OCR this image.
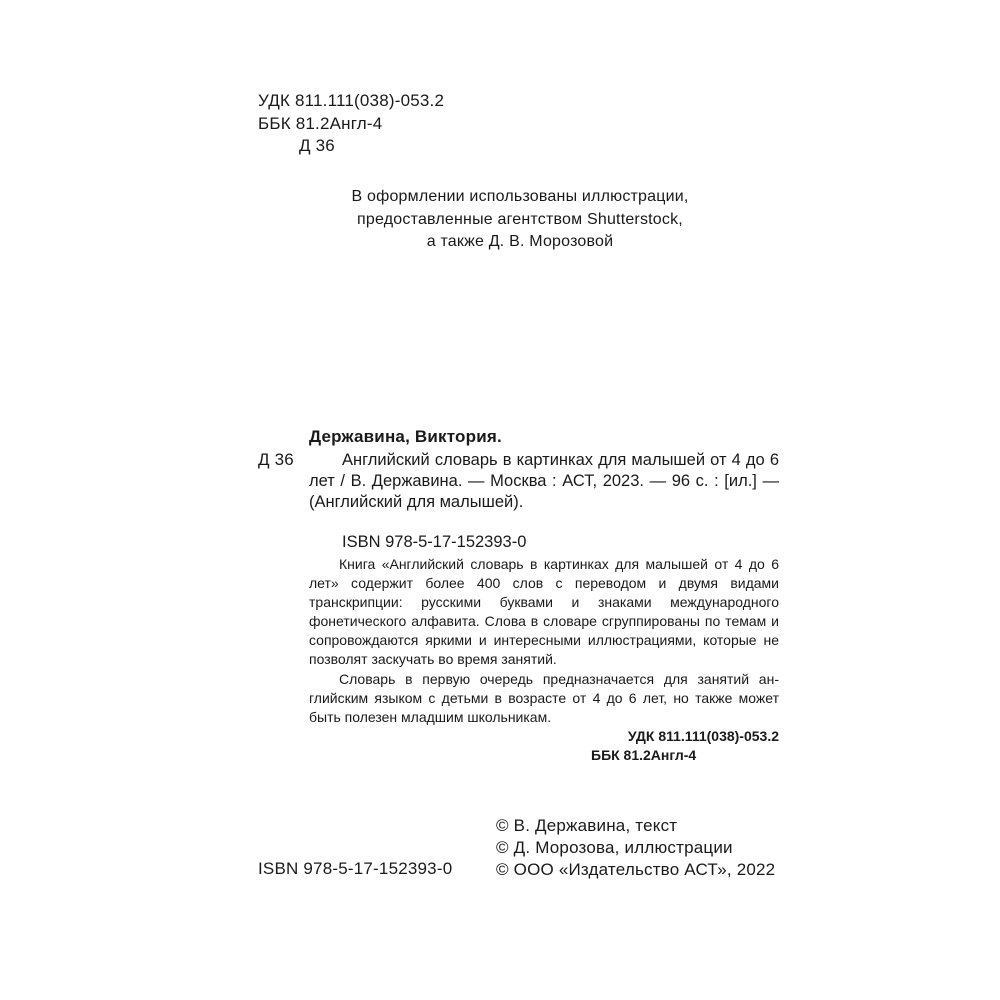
УДК 811.111(038)-053.2
ББК 81.2Англ-4
Д 36
В оформлении использованы иллюстрации,
предоставленные агентством Shutterstock,
а также Д. В. Морозовой
Державина, Виктория.
Д 36	Английский словарь в картинках для малышей от 4 до 6 лет / В. Державина. — Москва : АСТ, 2023. — 96 с. : [ил.] — (Английский для малышей).
ISBN 978-5-17-152393-0

Книга «Английский словарь в картинках для малышей от 4 до 6 лет» содержит более 400 слов с переводом и двумя видами транскрипции: русскими буквами и знаками международного фонетического алфавита. Слова в словаре сгруппированы по темам и сопровождаются яркими и интересными иллюстрациями, которые не позволят заскучать во время занятий.

Словарь в первую очередь предназначается для занятий английским языком с детьми в возрасте от 4 до 6 лет, но также может быть полезен младшим школьникам.

УДК 811.111(038)-053.2
ББК 81.2Англ-4
ISBN 978-5-17-152393-0
© В. Державина, текст
© Д. Морозова, иллюстрации
© ООО «Издательство АСТ», 2022
